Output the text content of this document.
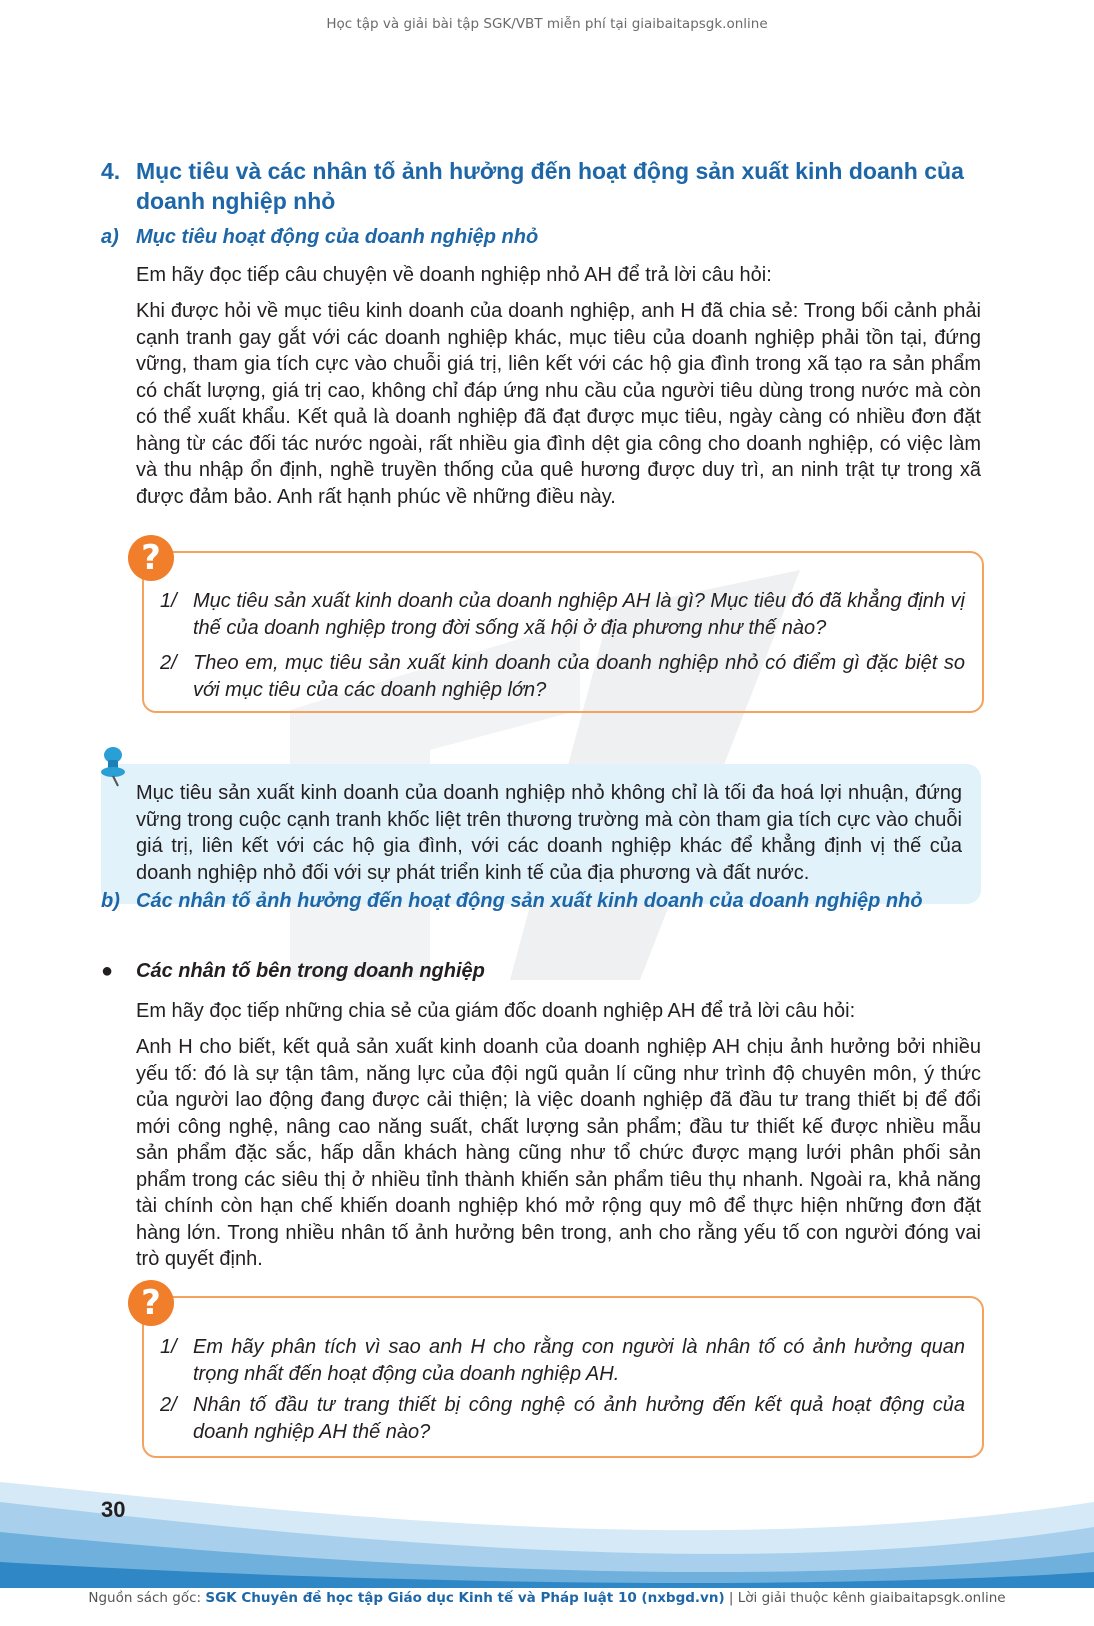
Học tập và giải bài tập SGK/VBT miễn phí tại giaibaitapsgk.online
4. Mục tiêu và các nhân tố ảnh hưởng đến hoạt động sản xuất kinh doanh của doanh nghiệp nhỏ
a) Mục tiêu hoạt động của doanh nghiệp nhỏ
Em hãy đọc tiếp câu chuyện về doanh nghiệp nhỏ AH để trả lời câu hỏi:
Khi được hỏi về mục tiêu kinh doanh của doanh nghiệp, anh H đã chia sẻ: Trong bối cảnh phải cạnh tranh gay gắt với các doanh nghiệp khác, mục tiêu của doanh nghiệp phải tồn tại, đứng vững, tham gia tích cực vào chuỗi giá trị, liên kết với các hộ gia đình trong xã tạo ra sản phẩm có chất lượng, giá trị cao, không chỉ đáp ứng nhu cầu của người tiêu dùng trong nước mà còn có thể xuất khẩu. Kết quả là doanh nghiệp đã đạt được mục tiêu, ngày càng có nhiều đơn đặt hàng từ các đối tác nước ngoài, rất nhiều gia đình dệt gia công cho doanh nghiệp, có việc làm và thu nhập ổn định, nghề truyền thống của quê hương được duy trì, an ninh trật tự trong xã được đảm bảo. Anh rất hạnh phúc về những điều này.
?
1/ Mục tiêu sản xuất kinh doanh của doanh nghiệp AH là gì? Mục tiêu đó đã khẳng định vị thế của doanh nghiệp trong đời sống xã hội ở địa phương như thế nào?
2/ Theo em, mục tiêu sản xuất kinh doanh của doanh nghiệp nhỏ có điểm gì đặc biệt so với mục tiêu của các doanh nghiệp lớn?
Mục tiêu sản xuất kinh doanh của doanh nghiệp nhỏ không chỉ là tối đa hoá lợi nhuận, đứng vững trong cuộc cạnh tranh khốc liệt trên thương trường mà còn tham gia tích cực vào chuỗi giá trị, liên kết với các hộ gia đình, với các doanh nghiệp khác để khẳng định vị thế của doanh nghiệp nhỏ đối với sự phát triển kinh tế của địa phương và đất nước.
b) Các nhân tố ảnh hưởng đến hoạt động sản xuất kinh doanh của doanh nghiệp nhỏ
● Các nhân tố bên trong doanh nghiệp
Em hãy đọc tiếp những chia sẻ của giám đốc doanh nghiệp AH để trả lời câu hỏi:
Anh H cho biết, kết quả sản xuất kinh doanh của doanh nghiệp AH chịu ảnh hưởng bởi nhiều yếu tố: đó là sự tận tâm, năng lực của đội ngũ quản lí cũng như trình độ chuyên môn, ý thức của người lao động đang được cải thiện; là việc doanh nghiệp đã đầu tư trang thiết bị để đổi mới công nghệ, nâng cao năng suất, chất lượng sản phẩm; đầu tư thiết kế được nhiều mẫu sản phẩm đặc sắc, hấp dẫn khách hàng cũng như tổ chức được mạng lưới phân phối sản phẩm trong các siêu thị ở nhiều tỉnh thành khiến sản phẩm tiêu thụ nhanh. Ngoài ra, khả năng tài chính còn hạn chế khiến doanh nghiệp khó mở rộng quy mô để thực hiện những đơn đặt hàng lớn. Trong nhiều nhân tố ảnh hưởng bên trong, anh cho rằng yếu tố con người đóng vai trò quyết định.
?
1/ Em hãy phân tích vì sao anh H cho rằng con người là nhân tố có ảnh hưởng quan trọng nhất đến hoạt động của doanh nghiệp AH.
2/ Nhân tố đầu tư trang thiết bị công nghệ có ảnh hưởng đến kết quả hoạt động của doanh nghiệp AH thế nào?
30
Nguồn sách gốc: SGK Chuyên đề học tập Giáo dục Kinh tế và Pháp luật 10 (nxbgd.vn) | Lời giải thuộc kênh giaibaitapsgk.online
